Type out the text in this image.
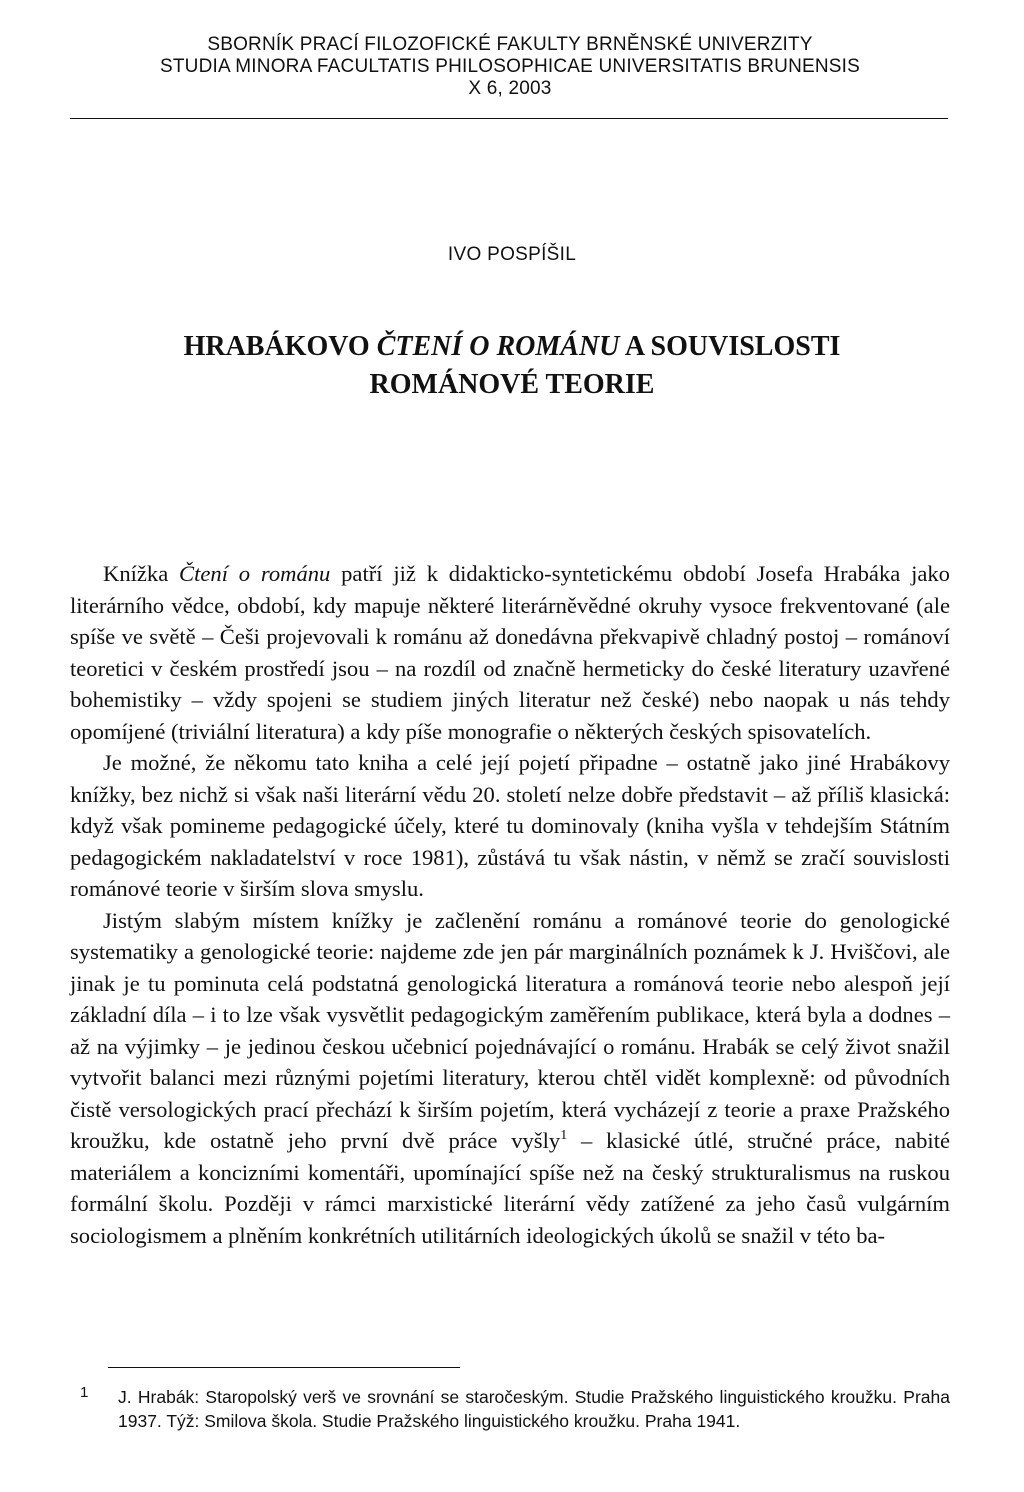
SBORNÍK PRACÍ FILOZOFICKÉ FAKULTY BRNĚNSKÉ UNIVERZITY
STUDIA MINORA FACULTATIS PHILOSOPHICAE UNIVERSITATIS BRUNENSIS
X 6, 2003
IVO POSPÍŠIL
HRABÁKOVO ČTENÍ O ROMÁNU A SOUVISLOSTI
ROMÁNOVÉ TEORIE

Knížka Čtení o románu patří již k didakticko-syntetickému období Josefa Hrabáka jako literárního vědce, období, kdy mapuje některé literárněvědné okruhy vysoce frekventované (ale spíše ve světě – Češi projevovali k románu až donedávna překvapivě chladný postoj – románoví teoretici v českém prostředí jsou – na rozdíl od značně hermeticky do české literatury uzavřené bohemistiky – vždy spojeni se studiem jiných literatur než české) nebo naopak u nás tehdy opomíjené (triviální literatura) a kdy píše monografie o některých českých spisovatelích.

Je možné, že někomu tato kniha a celé její pojetí připadne – ostatně jako jiné Hrabákovy knížky, bez nichž si však naši literární vědu 20. století nelze dobře představit – až příliš klasická: když však pomineme pedagogické účely, které tu dominovaly (kniha vyšla v tehdejším Státním pedagogickém nakladatelství v roce 1981), zůstává tu však nástin, v němž se zračí souvislosti románové teorie v širším slova smyslu.

Jistým slabým místem knížky je začlenění románu a románové teorie do genologické systematiky a genologické teorie: najdeme zde jen pár marginálních poznámek k J. Hviščovi, ale jinak je tu pominuta celá podstatná genologická literatura a románová teorie nebo alespoň její základní díla – i to lze však vysvětlit pedagogickým zaměřením publikace, která byla a dodnes – až na výjimky – je jedinou českou učebnicí pojednávající o románu. Hrabák se celý život snažil vytvořit balanci mezi různými pojetími literatury, kterou chtěl vidět komplexně: od původních čistě versologických prací přechází k širším pojetím, která vycházejí z teorie a praxe Pražského kroužku, kde ostatně jeho první dvě práce vyšly$^1$ – klasické útlé, stručné práce, nabité materiálem a koncizními komentáři, upomínající spíše než na český strukturalismus na ruskou formální školu. Později v rámci marxistické literární vědy zatížené za jeho časů vulgárním sociologismem a plněním konkrétních utilitárních ideologických úkolů se snažil v této ba-

1 J. Hrabák: Staropolský verš ve srovnání se staročeským. Studie Pražského linguistického kroužku. Praha 1937. Týž: Smilova škola. Studie Pražského linguistického kroužku. Praha 1941.
